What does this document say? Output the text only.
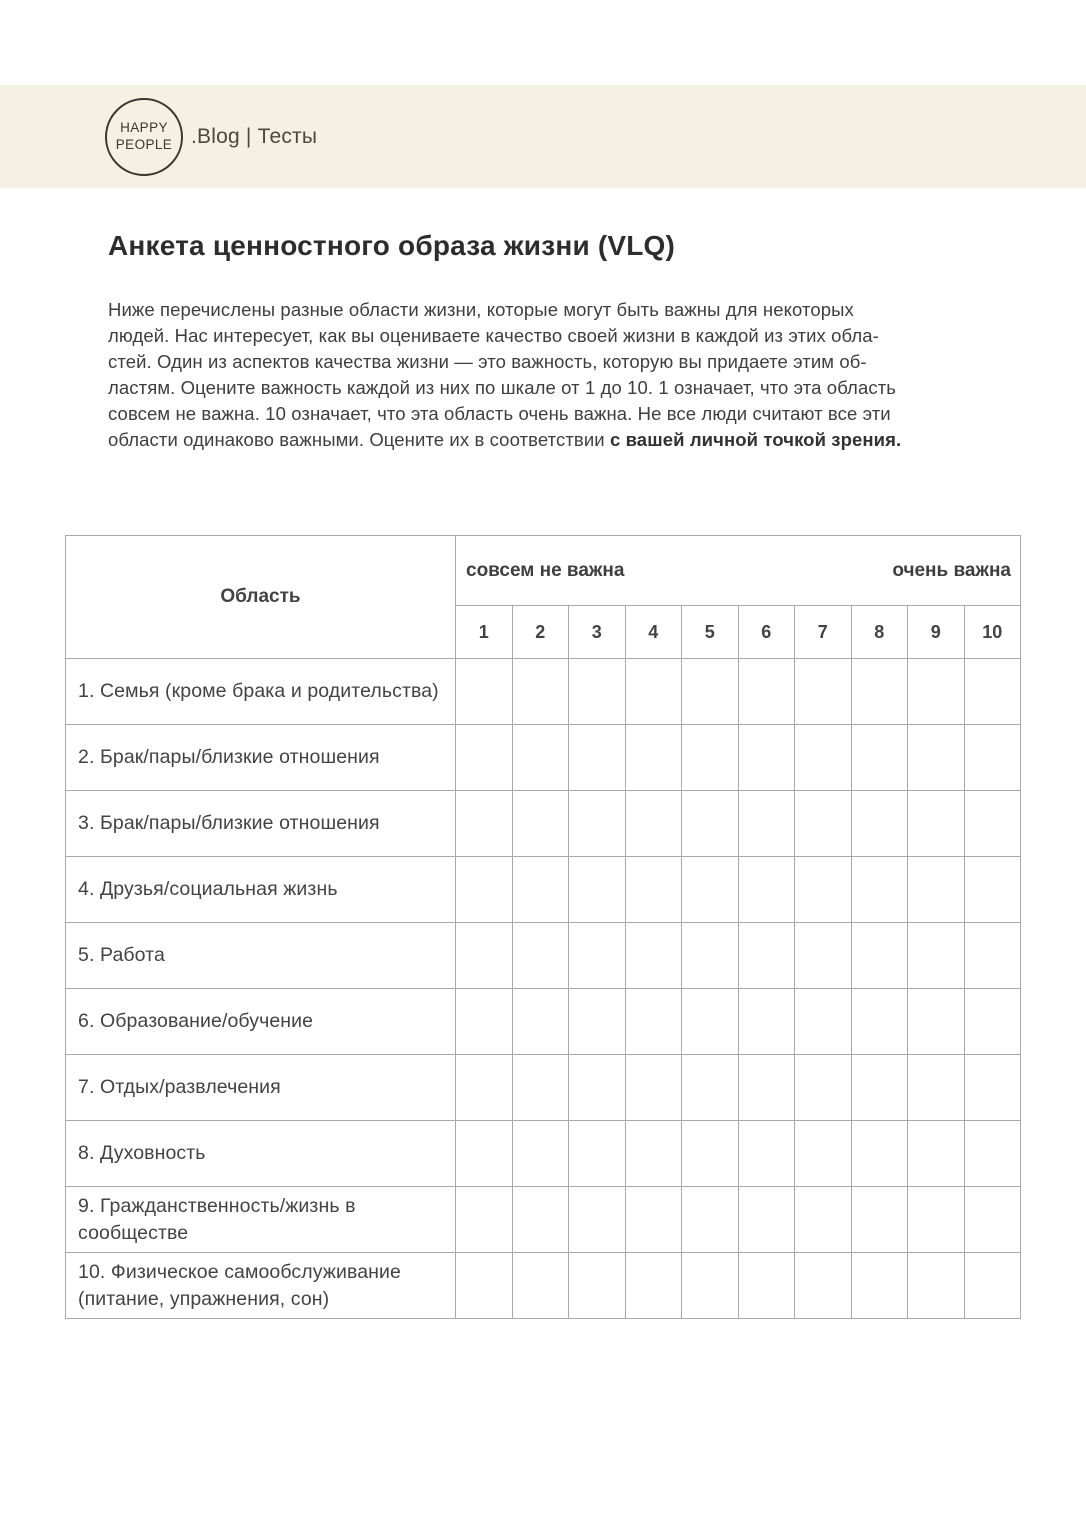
HAPPY
PEOPLE .Blog | Тесты
Анкета ценностного образа жизни (VLQ)

Ниже перечислены разные области жизни, которые могут быть важны для некоторых
людей. Нас интересует, как вы оцениваете качество своей жизни в каждой из этих обла-
стей. Один из аспектов качества жизни — это важность, которую вы придаете этим об-
ластям. Оцените важность каждой из них по шкале от 1 до 10. 1 означает, что эта область
совсем не важна. 10 означает, что эта область очень важна. Не все люди считают все эти
области одинаково важными. Оцените их в соответствии с вашей личной точкой зрения.

Область	совсем не важна очень важна									

	1	2	3	4	5	6	7	8	9	10
1. Семья (кроме брака и родительства)										
2. Брак/пары/близкие отношения										
3. Брак/пары/близкие отношения										
4. Друзья/социальная жизнь										
5. Работа										
6. Образование/обучение										
7. Отдых/развлечения										
8. Духовность										
9. Гражданственность/жизнь в сообществе										
10. Физическое самообслуживание (питание, упражнения, сон)										
